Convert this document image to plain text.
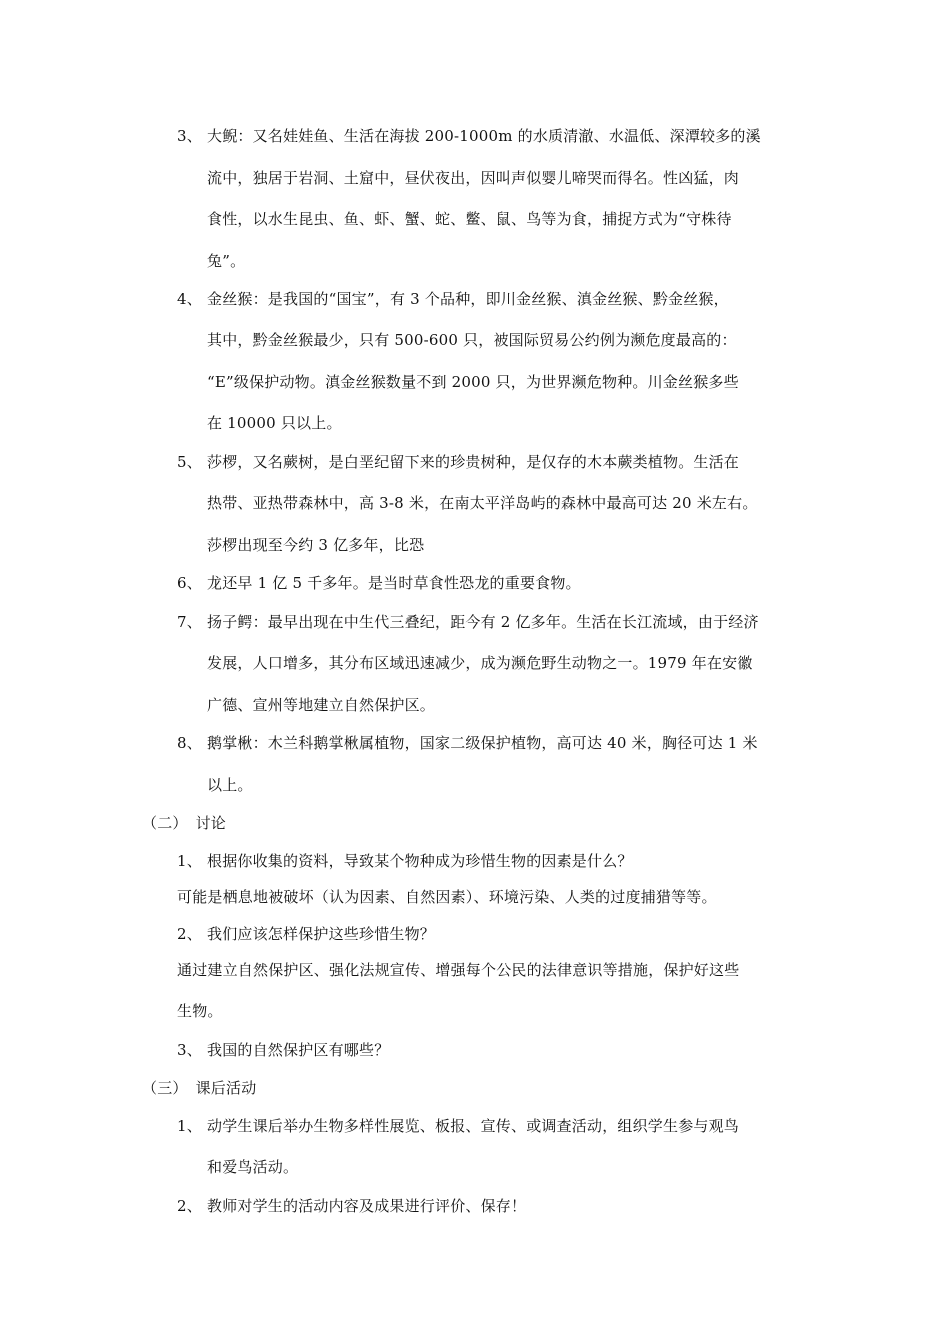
3、 大鲵：又名娃娃鱼、生活在海拔 200-1000m 的水质清澈、水温低、深潭较多的溪
流中，独居于岩洞、土窟中，昼伏夜出，因叫声似婴儿啼哭而得名。性凶猛，肉
食性，以水生昆虫、鱼、虾、蟹、蛇、鳖、鼠、鸟等为食，捕捉方式为“守株待
兔”。
4、 金丝猴：是我国的“国宝”，有 3 个品种，即川金丝猴、滇金丝猴、黔金丝猴，
其中，黔金丝猴最少，只有 500-600 只，被国际贸易公约例为濒危度最高的：
“E”级保护动物。滇金丝猴数量不到 2000 只，为世界濒危物种。川金丝猴多些
在 10000 只以上。
5、 莎椤，又名蕨树，是白垩纪留下来的珍贵树种，是仅存的木本蕨类植物。生活在
热带、亚热带森林中，高 3-8 米，在南太平洋岛屿的森林中最高可达 20 米左右。
莎椤出现至今约 3 亿多年，比恐
6、 龙还早 1 亿 5 千多年。是当时草食性恐龙的重要食物。
7、 扬子鳄：最早出现在中生代三叠纪，距今有 2 亿多年。生活在长江流域，由于经济
发展，人口增多，其分布区域迅速减少，成为濒危野生动物之一。1979 年在安徽
广德、宣州等地建立自然保护区。
8、 鹅掌楸：木兰科鹅掌楸属植物，国家二级保护植物，高可达 40 米，胸径可达 1 米
以上。
（二） 讨论
1、 根据你收集的资料，导致某个物种成为珍惜生物的因素是什么？
可能是栖息地被破坏（认为因素、自然因素）、环境污染、人类的过度捕猎等等。
2、 我们应该怎样保护这些珍惜生物？
通过建立自然保护区、强化法规宣传、增强每个公民的法律意识等措施，保护好这些
生物。
3、 我国的自然保护区有哪些？
（三） 课后活动
1、 动学生课后举办生物多样性展览、板报、宣传、或调查活动，组织学生参与观鸟
和爱鸟活动。
2、 教师对学生的活动内容及成果进行评价、保存！
